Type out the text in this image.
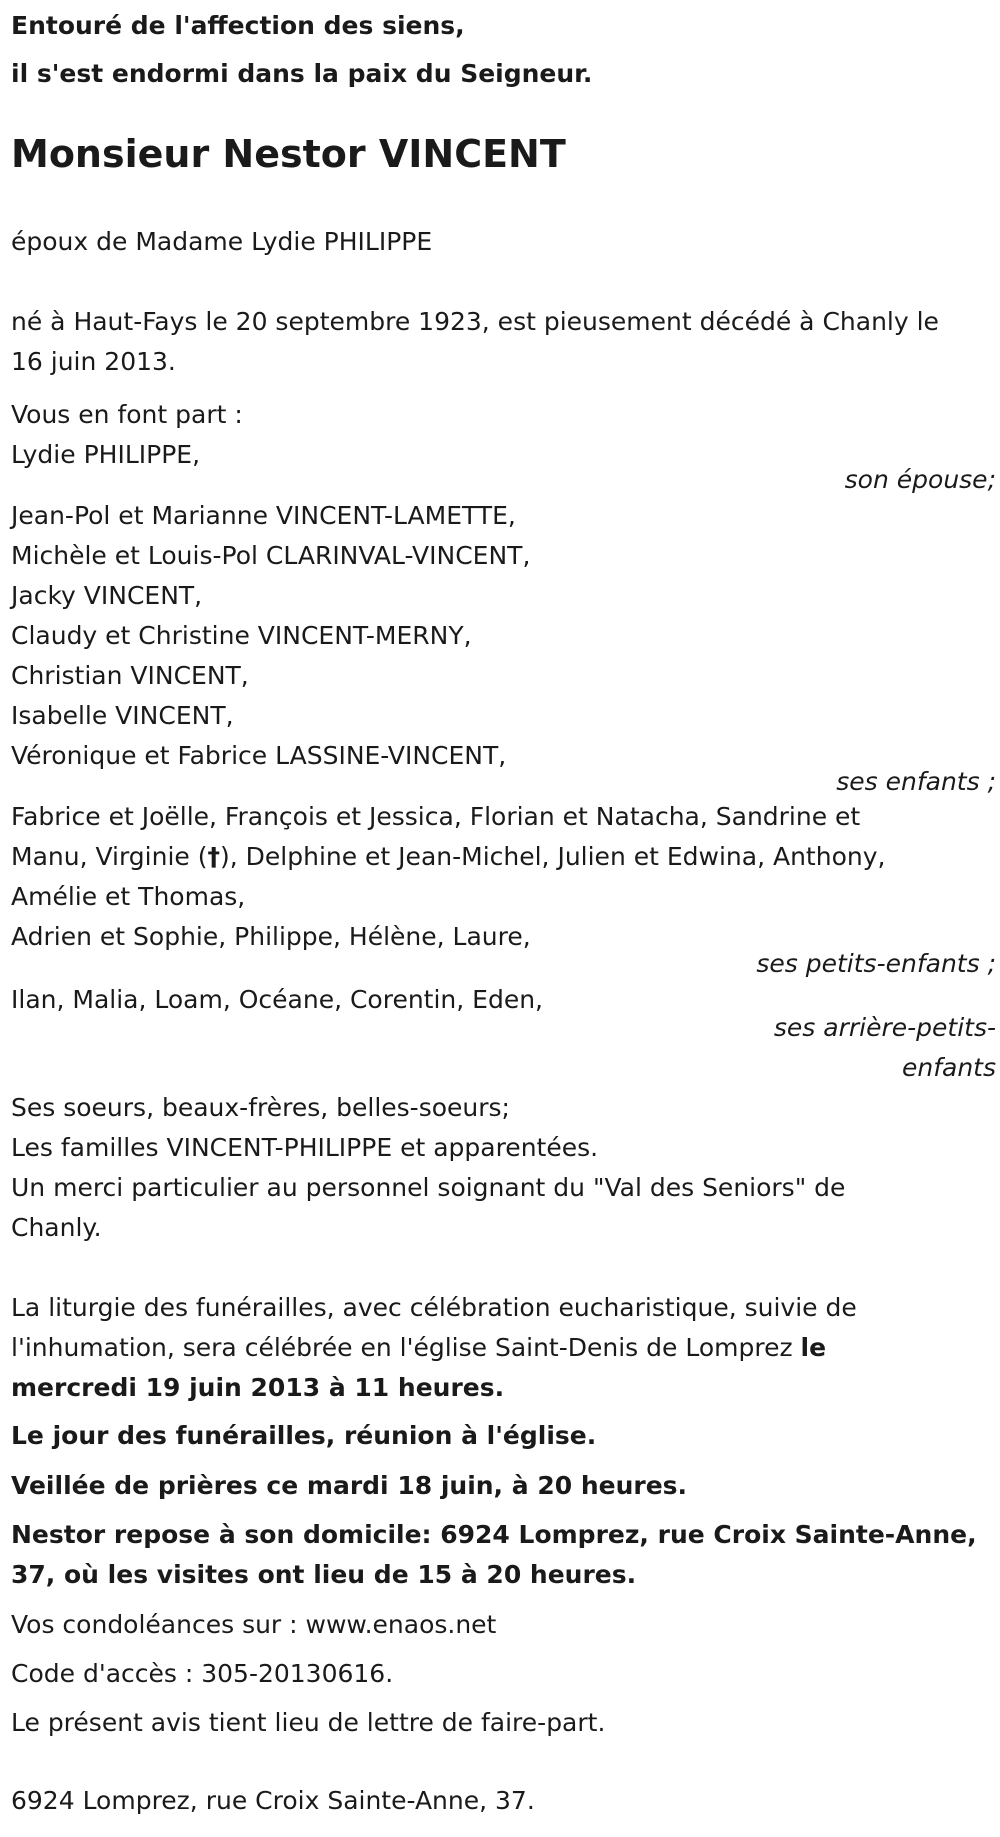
Entouré de l'affection des siens,
il s'est endormi dans la paix du Seigneur.
Monsieur Nestor VINCENT
époux de Madame Lydie PHILIPPE
né à Haut-Fays le 20 septembre 1923, est pieusement décédé à Chanly le
16 juin 2013.
Vous en font part :
Lydie PHILIPPE,
son épouse;
Jean-Pol et Marianne VINCENT-LAMETTE,
Michèle et Louis-Pol CLARINVAL-VINCENT,
Jacky VINCENT,
Claudy et Christine VINCENT-MERNY,
Christian VINCENT,
Isabelle VINCENT,
Véronique et Fabrice LASSINE-VINCENT,
ses enfants ;
Fabrice et Joëlle, François et Jessica, Florian et Natacha, Sandrine et
Manu, Virginie (†), Delphine et Jean-Michel, Julien et Edwina, Anthony,
Amélie et Thomas,
Adrien et Sophie, Philippe, Hélène, Laure,
ses petits-enfants ;
Ilan, Malia, Loam, Océane, Corentin, Eden,
ses arrière-petits-
enfants
Ses soeurs, beaux-frères, belles-soeurs;
Les familles VINCENT-PHILIPPE et apparentées.
Un merci particulier au personnel soignant du "Val des Seniors" de
Chanly.
La liturgie des funérailles, avec célébration eucharistique, suivie de
l'inhumation, sera célébrée en l'église Saint-Denis de Lomprez le
mercredi 19 juin 2013 à 11 heures.
Le jour des funérailles, réunion à l'église.
Veillée de prières ce mardi 18 juin, à 20 heures.
Nestor repose à son domicile: 6924 Lomprez, rue Croix Sainte-Anne,
37, où les visites ont lieu de 15 à 20 heures.
Vos condoléances sur : www.enaos.net
Code d'accès : 305-20130616.
Le présent avis tient lieu de lettre de faire-part.
6924 Lomprez, rue Croix Sainte-Anne, 37.
